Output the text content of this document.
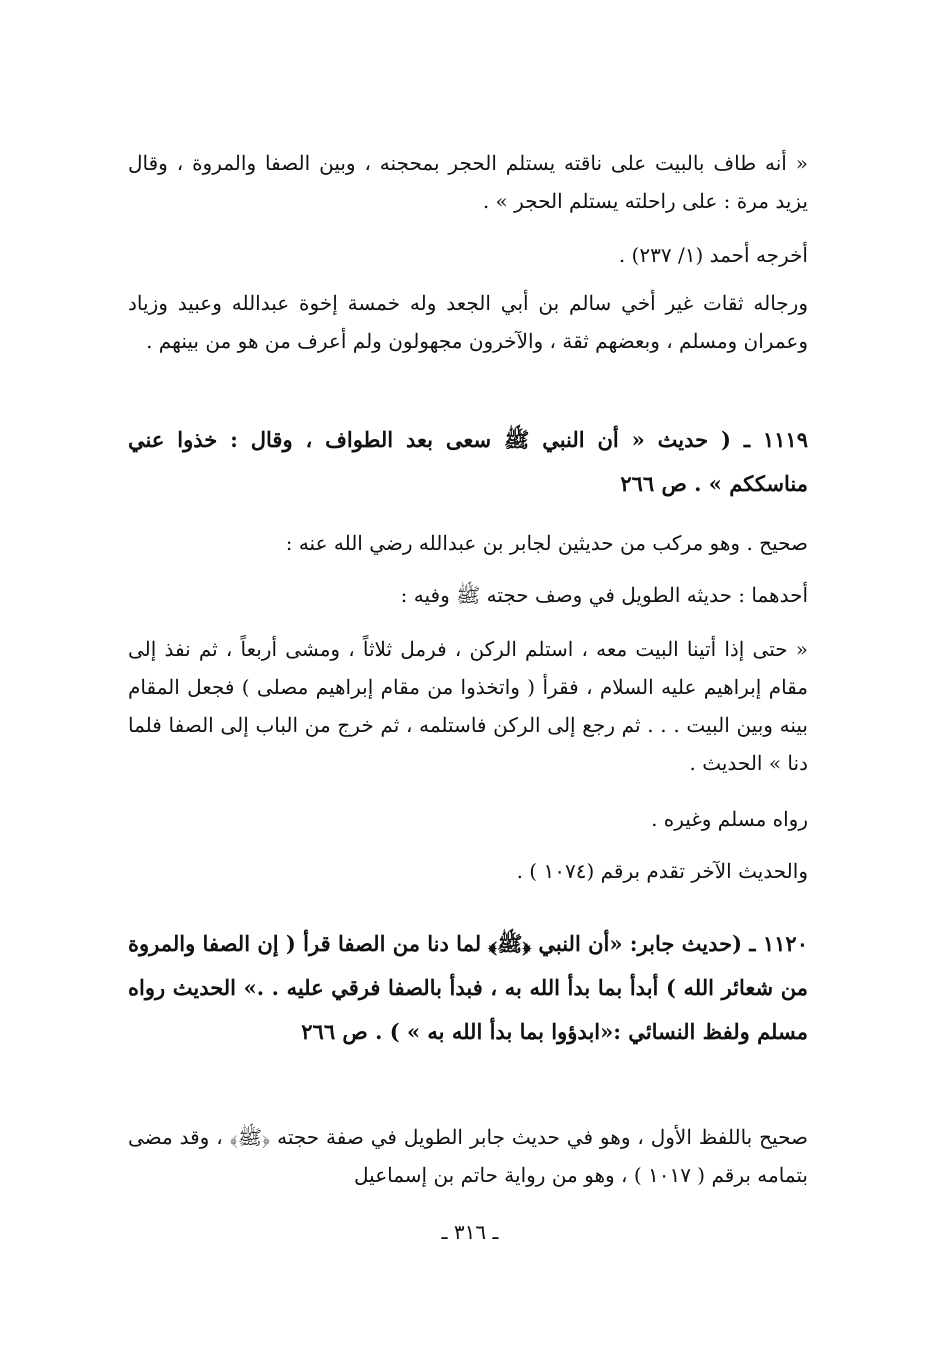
« أنه طاف بالبيت على ناقته يستلم الحجر بمحجنه ، وبين الصفا والمروة ، وقال يزيد مرة : على راحلته يستلم الحجر » .

أخرجه أحمد (١/ ٢٣٧) .

ورجاله ثقات غير أخي سالم بن أبي الجعد وله خمسة إخوة عبدالله وعبيد وزياد وعمران ومسلم ، وبعضهم ثقة ، والآخرون مجهولون ولم أعرف من هو من بينهم .

١١١٩ ـ ( حديث « أن النبي ﷺ سعى بعد الطواف ، وقال : خذوا عني مناسككم » . ص ٢٦٦

صحيح . وهو مركب من حديثين لجابر بن عبدالله رضي الله عنه :

أحدهما : حديثه الطويل في وصف حجته ﷺ وفيه :

« حتى إذا أتينا البيت معه ، استلم الركن ، فرمل ثلاثاً ، ومشى أربعاً ، ثم نفذ إلى مقام إبراهيم عليه السلام ، فقرأ ( واتخذوا من مقام إبراهيم مصلى ) فجعل المقام بينه وبين البيت . . . ثم رجع إلى الركن فاستلمه ، ثم خرج من الباب إلى الصفا فلما دنا » الحديث .

رواه مسلم وغيره .

والحديث الآخر تقدم برقم (١٠٧٤ ) .

١١٢٠ ـ (حديث جابر: «أن النبي ﴿ﷺ﴾ لما دنا من الصفا قرأ ( إن الصفا والمروة من شعائر الله ) أبدأ بما بدأ الله به ، فبدأ بالصفا فرقي عليه . .» الحديث رواه مسلم ولفظ النسائي :«ابدؤوا بما بدأ الله به » ) . ص ٢٦٦

صحيح باللفظ الأول ، وهو في حديث جابر الطويل في صفة حجته ﴿ﷺ﴾ ، وقد مضى بتمامه برقم ( ١٠١٧ ) ، وهو من رواية حاتم بن إسماعيل

ـ ٣١٦ ـ
